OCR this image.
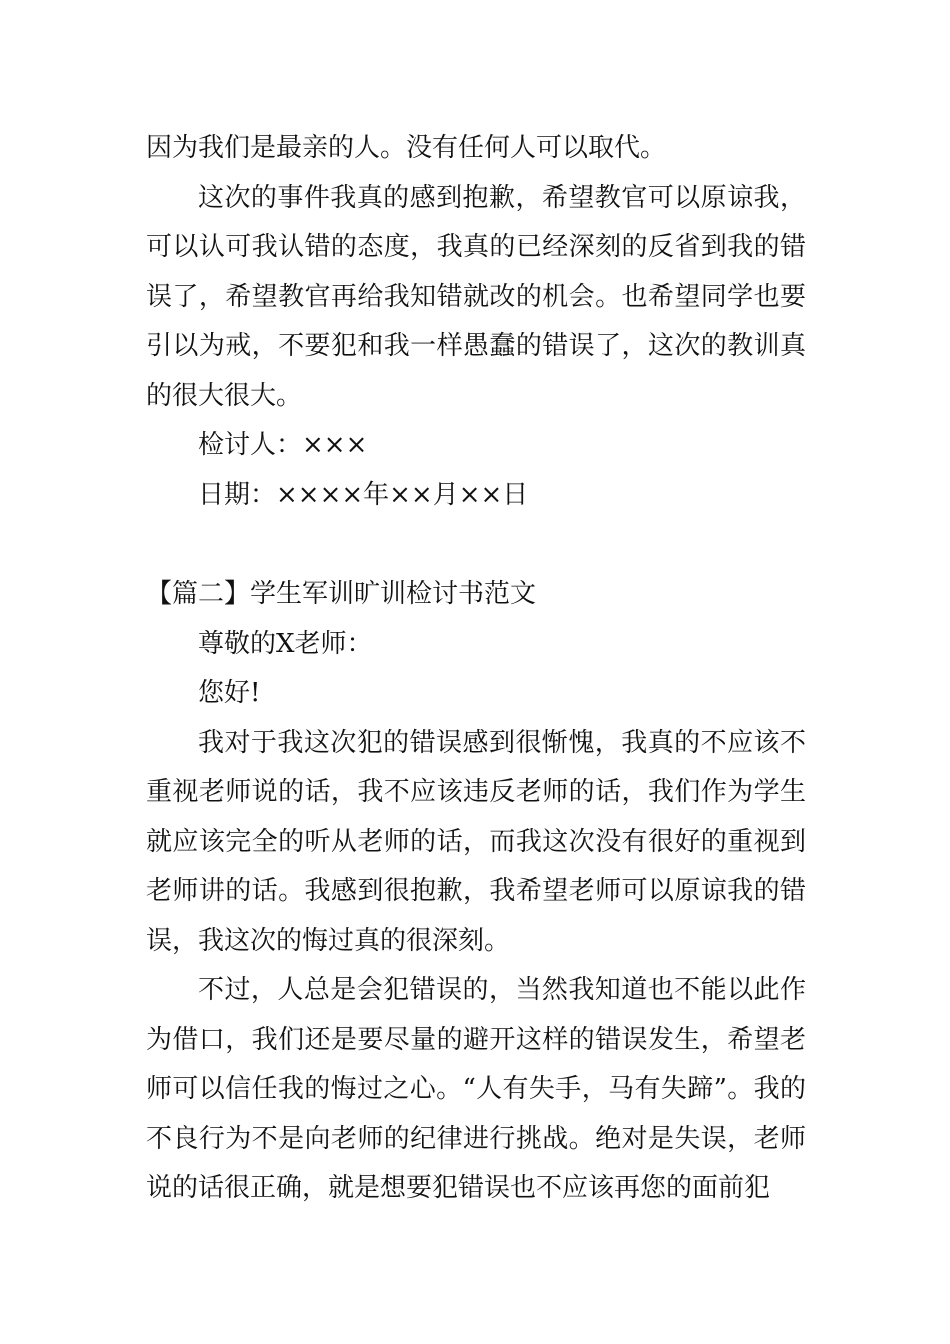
因为我们是最亲的人。没有任何人可以取代。

这次的事件我真的感到抱歉，希望教官可以原谅我，可以认可我认错的态度，我真的已经深刻的反省到我的错误了，希望教官再给我知错就改的机会。也希望同学也要引以为戒，不要犯和我一样愚蠢的错误了，这次的教训真的很大很大。

检讨人：×××

日期：××××年××月××日

【篇二】学生军训旷训检讨书范文

尊敬的X老师：

您好!

我对于我这次犯的错误感到很惭愧，我真的不应该不重视老师说的话，我不应该违反老师的话，我们作为学生就应该完全的听从老师的话，而我这次没有很好的重视到老师讲的话。我感到很抱歉，我希望老师可以原谅我的错误，我这次的悔过真的很深刻。

不过，人总是会犯错误的，当然我知道也不能以此作为借口，我们还是要尽量的避开这样的错误发生，希望老师可以信任我的悔过之心。“人有失手，马有失蹄”。我的不良行为不是向老师的纪律进行挑战。绝对是失误，老师说的话很正确，就是想要犯错误也不应该再您的面前犯
